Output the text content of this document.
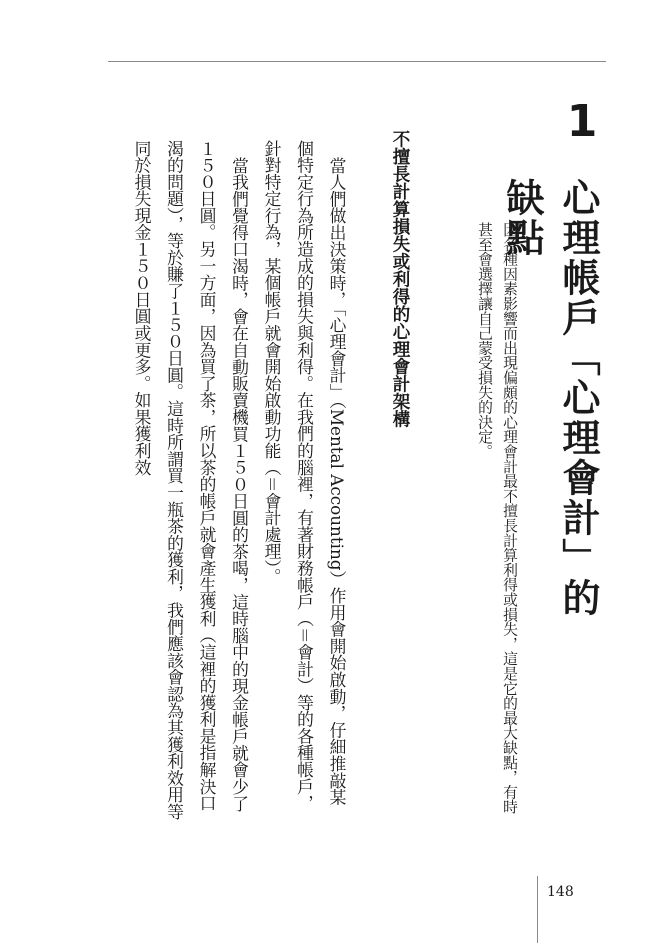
1
心理帳戶「心理會計」的缺點

因各種因素影響而出現偏頗的心理會計最不擅長計算利得或損失，這是它的最大缺點，有時甚至會選擇讓自己蒙受損失的決定。

不擅長計算損失或利得的心理會計架構

當人們做出決策時，「心理會計」（Mental Accounting）作用會開始啟動，仔細推敲某個特定行為所造成的損失與利得。在我們的腦裡，有著財務帳戶（＝會計）等的各種帳戶，針對特定行為，某個帳戶就會開始啟動功能（＝會計處理）。

當我們覺得口渴時，會在自動販賣機買１５０日圓的茶喝，這時腦中的現金帳戶就會少了１５０日圓。另一方面，因為買了茶，所以茶的帳戶就會產生獲利（這裡的獲利是指解決口渴的問題），等於賺了１５０日圓。這時所謂買一瓶茶的獲利，我們應該會認為其獲利效用等同於損失現金１５０日圓或更多。如果獲利效

148
